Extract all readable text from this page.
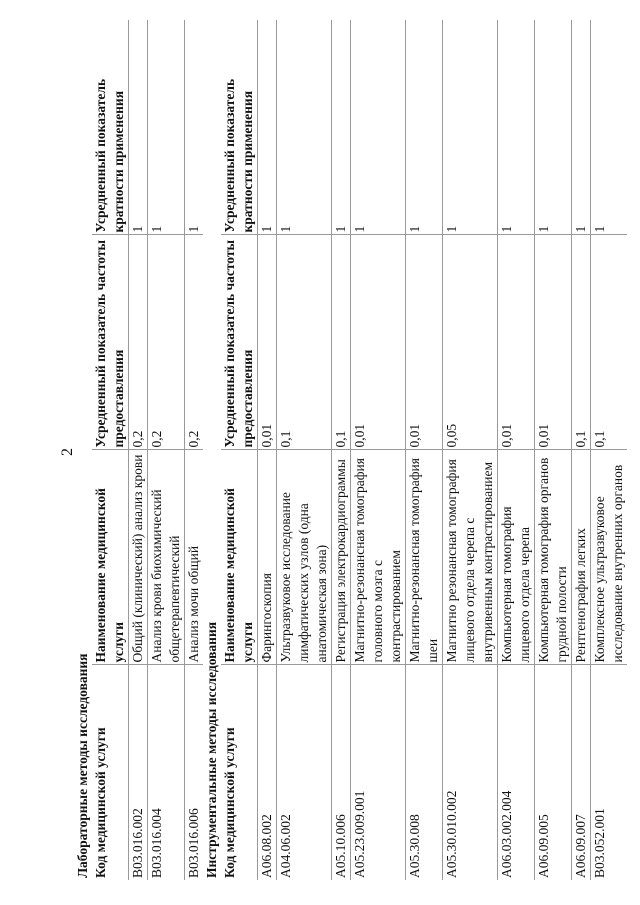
2
Лабораторные методы исследования			
Код медицинской услуги	Наименование медицинской услуги	Усредненный показатель частоты предоставления	Усредненный показатель кратности применения
B03.016.002	Общий (клинический) анализ крови	0,2	1
B03.016.004	Анализ крови биохимический общетерапевтический	0,2	1
B03.016.006	Анализ мочи общий	0,2	1
Инструментальные методы исследования			
Код медицинской услуги	Наименование медицинской услуги	Усредненный показатель частоты предоставления	Усредненный показатель кратности применения
A06.08.002	Фарингоскопия	0,01	1
A04.06.002	Ультразвуковое исследование лимфатических узлов (одна анатомическая зона)	0,1	1
A05.10.006	Регистрация электрокардиограммы	0,1	1
A05.23.009.001	Магнитно-резонансная томография головного мозга с контрастированием	0,01	1
A05.30.008	Магнитно-резонансная томография шеи	0,01	1
A05.30.010.002	Магнитно резонансная томография лицевого отдела черепа с внутривенным контрастированием	0,05	1
A06.03.002.004	Компьютерная томография лицевого отдела черепа	0,01	1
A06.09.005	Компьютерная томография органов грудной полости	0,01	1
A06.09.007	Рентгенография легких	0,1	1
B03.052.001	Комплексное ультразвуковое исследование внутренних органов	0,1	1
